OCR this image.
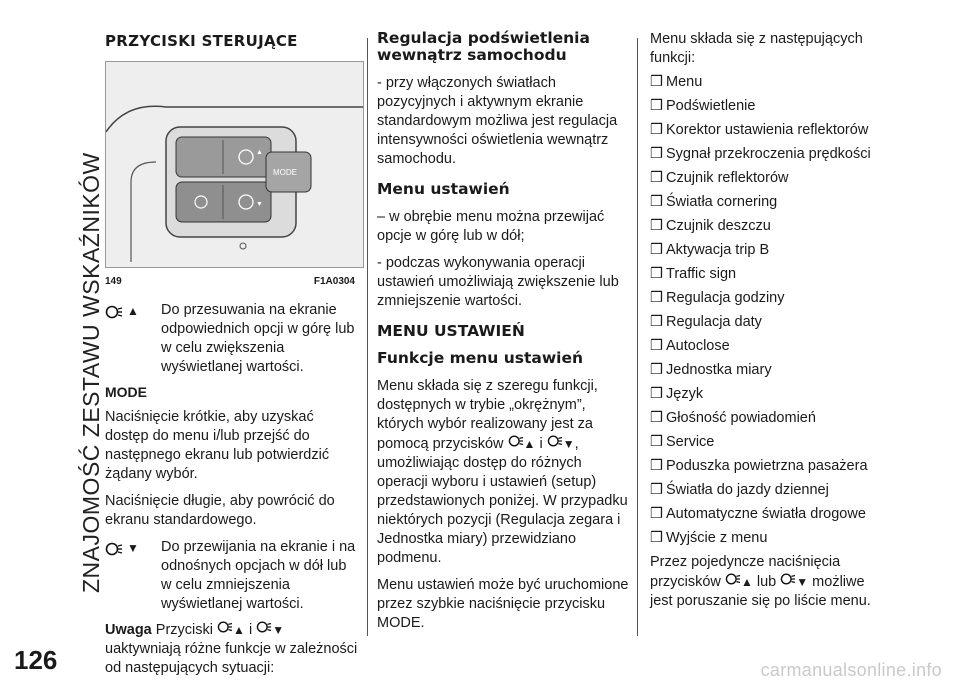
ZNAJOMOŚĆ ZESTAWU WSKAŹNIKÓW
126	carmanualsonline.info
PRZYCISKI STERUJĄCE
MODE
▲
▼
149	F1A0304
▲ Do przesuwania na ekranie odpowiednich opcji w górę lub w celu zwiększenia wyświetlanej wartości.
MODE

Naciśnięcie krótkie, aby uzyskać dostęp do menu i/lub przejść do następnego ekranu lub potwierdzić żądany wybór.

Naciśnięcie długie, aby powrócić do ekranu standardowego.

▼ Do przewijania na ekranie i na odnośnych opcjach w dół lub w celu zmniejszenia wyświetlanej wartości.

Uwaga Przyciski ▲ i ▼ uaktywniają różne funkcje w zależności od następujących sytuacji:

Regulacja podświetlenia wewnątrz samochodu

- przy włączonych światłach pozycyjnych i aktywnym ekranie standardowym możliwa jest regulacja intensywności oświetlenia wewnątrz samochodu.

Menu ustawień

– w obrębie menu można przewijać opcje w górę lub w dół;

- podczas wykonywania operacji ustawień umożliwiają zwiększenie lub zmniejszenie wartości.

MENU USTAWIEŃ
Funkcje menu ustawień

Menu składa się z szeregu funkcji, dostępnych w trybie „okrężnym”, których wybór realizowany jest za pomocą przycisków ▲ i ▼, umożliwiając dostęp do różnych operacji wyboru i ustawień (setup) przedstawionych poniżej. W przypadku niektórych pozycji (Regulacja zegara i Jednostka miary) przewidziano podmenu.

Menu ustawień może być uruchomione przez szybkie naciśnięcie przycisku MODE.

Menu składa się z następujących funkcji:

❒ Menu
❒ Podświetlenie
❒ Korektor ustawienia reflektorów
❒ Sygnał przekroczenia prędkości
❒ Czujnik reflektorów
❒ Światła cornering
❒ Czujnik deszczu
❒ Aktywacja trip B
❒ Traffic sign
❒ Regulacja godziny
❒ Regulacja daty
❒ Autoclose
❒ Jednostka miary
❒ Język
❒ Głośność powiadomień
❒ Service
❒ Poduszka powietrzna pasażera
❒ Światła do jazdy dziennej
❒ Automatyczne światła drogowe
❒ Wyjście z menu

Przez pojedyncze naciśnięcia przycisków ▲ lub ▼ możliwe jest poruszanie się po liście menu.
